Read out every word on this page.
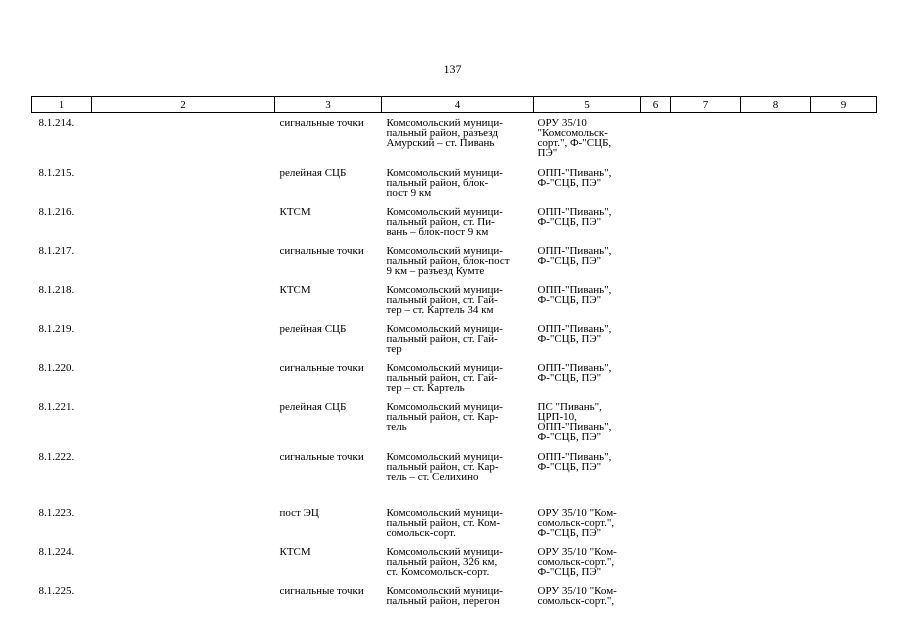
137
1	2	3	4	5	6	7	8	9
8.1.214.		сигнальные точки	Комсомольский муници-
пальный район, разъезд
Амурский – ст. Пивань	ОРУ 35/10
"Комсомольск-
сорт.", Ф-"СЦБ,
ПЭ"				
8.1.215.		релейная СЦБ	Комсомольский муници-
пальный район, блок-
пост 9 км	ОПП-"Пивань",
Ф-"СЦБ, ПЭ"				
8.1.216.		КТСМ	Комсомольский муници-
пальный район, ст. Пи-
вань – блок-пост 9 км	ОПП-"Пивань",
Ф-"СЦБ, ПЭ"				
8.1.217.		сигнальные точки	Комсомольский муници-
пальный район, блок-пост
9 км – разъезд Кумте	ОПП-"Пивань",
Ф-"СЦБ, ПЭ"				
8.1.218.		КТСМ	Комсомольский муници-
пальный район, ст. Гай-
тер – ст. Картель 34 км	ОПП-"Пивань",
Ф-"СЦБ, ПЭ"				
8.1.219.		релейная СЦБ	Комсомольский муници-
пальный район, ст. Гай-
тер	ОПП-"Пивань",
Ф-"СЦБ, ПЭ"				
8.1.220.		сигнальные точки	Комсомольский муници-
пальный район, ст. Гай-
тер – ст. Картель	ОПП-"Пивань",
Ф-"СЦБ, ПЭ"				
8.1.221.		релейная СЦБ	Комсомольский муници-
пальный район, ст. Кар-
тель	ПС "Пивань",
ЦРП-10,
ОПП-"Пивань",
Ф-"СЦБ, ПЭ"				
8.1.222.		сигнальные точки	Комсомольский муници-
пальный район, ст. Кар-
тель – ст. Селихино	ОПП-"Пивань",
Ф-"СЦБ, ПЭ"				
8.1.223.		пост ЭЦ	Комсомольский муници-
пальный район, ст. Ком-
сомольск-сорт.	ОРУ 35/10 "Ком-
сомольск-сорт.",
Ф-"СЦБ, ПЭ"				
8.1.224.		КТСМ	Комсомольский муници-
пальный район, 326 км,
ст. Комсомольск-сорт.	ОРУ 35/10 "Ком-
сомольск-сорт.",
Ф-"СЦБ, ПЭ"				
8.1.225.		сигнальные точки	Комсомольский муници-
пальный район, перегон	ОРУ 35/10 "Ком-
сомольск-сорт.",				
